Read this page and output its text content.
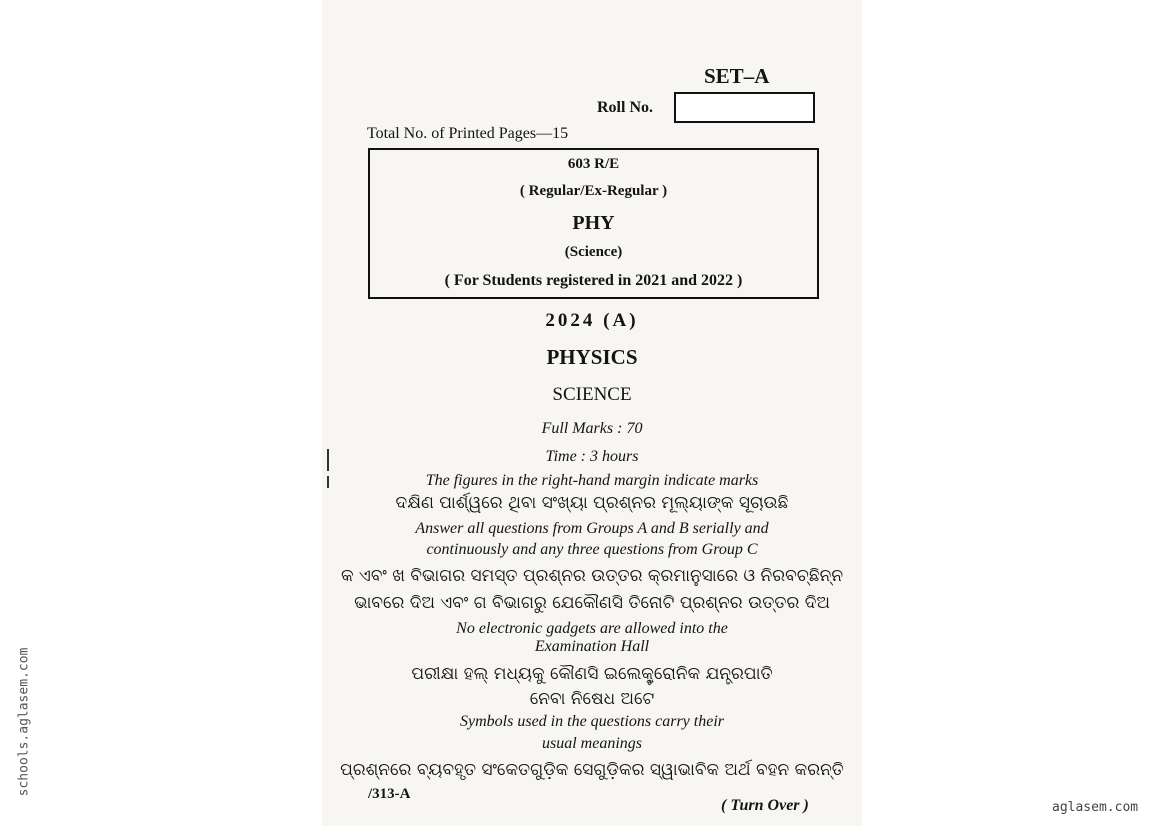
SET–A
Roll No.
Total No. of Printed Pages—15
603 R/E
( Regular/Ex-Regular )
PHY
(Science)
( For Students registered in 2021 and 2022 )
2024 (A)
PHYSICS
SCIENCE
Full Marks : 70
Time : 3 hours
The figures in the right-hand margin indicate marks
ଦକ୍ଷିଣ ପାର୍ଶ୍ୱରେ ଥିବା ସଂଖ୍ୟା ପ୍ରଶ୍ନର ମୂଲ୍ୟାଙ୍କ ସୂଚାଉଛି
Answer all questions from Groups A and B serially and
continuously and any three questions from Group C
କ ଏବଂ ଖ ବିଭାଗର ସମସ୍ତ ପ୍ରଶ୍ନର ଉତ୍ତର କ୍ରମାନୁସାରେ ଓ ନିରବଚ୍ଛିନ୍ନ
ଭାବରେ ଦିଅ ଏବଂ ଗ ବିଭାଗରୁ ଯେକୌଣସି ତିନୋଟି ପ୍ରଶ୍ନର ଉତ୍ତର ଦିଅ
No electronic gadgets are allowed into the
Examination Hall
ପରୀକ୍ଷା ହଲ୍ ମଧ୍ୟକୁ କୌଣସି ଇଲେକ୍ଟ୍ରୋନିକ ଯନ୍ତ୍ରପାତି
ନେବା ନିଷେଧ ଅଟେ
Symbols used in the questions carry their
usual meanings
ପ୍ରଶ୍ନରେ ବ୍ୟବହୃତ ସଂକେତଗୁଡ଼ିକ ସେଗୁଡ଼ିକର ସ୍ୱାଭାବିକ ଅର୍ଥ ବହନ କରନ୍ତି
/313-A
( Turn Over )
schools.aglasem.com
aglasem.com
